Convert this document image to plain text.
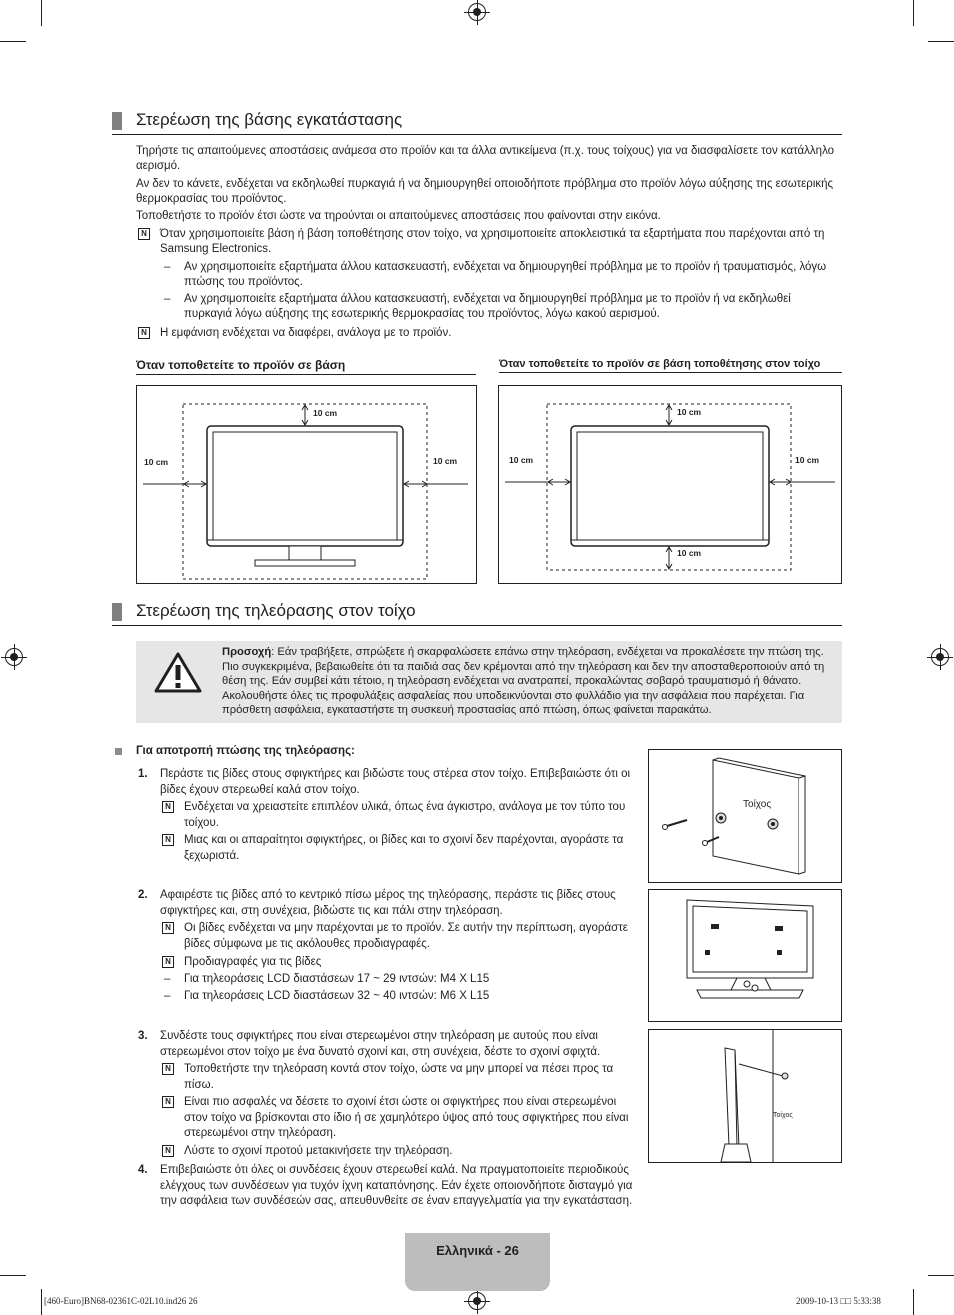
Στερέωση της βάσης εγκατάστασης
Τηρήστε τις απαιτούμενες αποστάσεις ανάμεσα στο προϊόν και τα άλλα αντικείμενα (π.χ. τους τοίχους) για να διασφαλίσετε τον κατάλληλο αερισμό.
Αν δεν το κάνετε, ενδέχεται να εκδηλωθεί πυρκαγιά ή να δημιουργηθεί οποιοδήποτε πρόβλημα στο προϊόν λόγω αύξησης της εσωτερικής θερμοκρασίας του προϊόντος.
Τοποθετήστε το προϊόν έτσι ώστε να τηρούνται οι απαιτούμενες αποστάσεις που φαίνονται στην εικόνα.
N Όταν χρησιμοποιείτε βάση ή βάση τοποθέτησης στον τοίχο, να χρησιμοποιείτε αποκλειστικά τα εξαρτήματα που παρέχονται από τη Samsung Electronics.
– Αν χρησιμοποιείτε εξαρτήματα άλλου κατασκευαστή, ενδέχεται να δημιουργηθεί πρόβλημα με το προϊόν ή τραυματισμός, λόγω πτώσης του προϊόντος.
– Αν χρησιμοποιείτε εξαρτήματα άλλου κατασκευαστή, ενδέχεται να δημιουργηθεί πρόβλημα με το προϊόν ή να εκδηλωθεί πυρκαγιά λόγω αύξησης της εσωτερικής θερμοκρασίας του προϊόντος, λόγω κακού αερισμού.
N Η εμφάνιση ενδέχεται να διαφέρει, ανάλογα με το προϊόν.
Όταν τοποθετείτε το προϊόν σε βάση	Όταν τοποθετείτε το προϊόν σε βάση τοποθέτησης στον τοίχο
10 cm
10 cm	10 cm
10 cm
10 cm	10 cm
10 cm
Στερέωση της τηλεόρασης στον τοίχο
Προσοχή: Εάν τραβήξετε, σπρώξετε ή σκαρφαλώσετε επάνω στην τηλεόραση, ενδέχεται να προκαλέσετε την πτώση της. Πιο συγκεκριμένα, βεβαιωθείτε ότι τα παιδιά σας δεν κρέμονται από την τηλεόραση και δεν την αποσταθεροποιούν από τη θέση της. Εάν συμβεί κάτι τέτοιο, η τηλεόραση ενδέχεται να ανατραπεί, προκαλώντας σοβαρό τραυματισμό ή θάνατο. Ακολουθήστε όλες τις προφυλάξεις ασφαλείας που υποδεικνύονται στο φυλλάδιο για την ασφάλεια που παρέχεται. Για πρόσθετη ασφάλεια, εγκαταστήστε τη συσκευή προστασίας από πτώση, όπως φαίνεται παρακάτω.
Για αποτροπή πτώσης της τηλεόρασης:
1. Περάστε τις βίδες στους σφιγκτήρες και βιδώστε τους στέρεα στον τοίχο. Επιβεβαιώστε ότι οι βίδες έχουν στερεωθεί καλά στον τοίχο.
N Ενδέχεται να χρειαστείτε επιπλέον υλικά, όπως ένα άγκιστρο, ανάλογα με τον τύπο του τοίχου.
N Μιας και οι απαραίτητοι σφιγκτήρες, οι βίδες και το σχοινί δεν παρέχονται, αγοράστε τα ξεχωριστά.
2. Αφαιρέστε τις βίδες από το κεντρικό πίσω μέρος της τηλεόρασης, περάστε τις βίδες στους σφιγκτήρες και, στη συνέχεια, βιδώστε τις και πάλι στην τηλεόραση.
N Οι βίδες ενδέχεται να μην παρέχονται με το προϊόν. Σε αυτήν την περίπτωση, αγοράστε βίδες σύμφωνα με τις ακόλουθες προδιαγραφές.
N Προδιαγραφές για τις βίδες
– Για τηλεοράσεις LCD διαστάσεων 17 ~ 29 ιντσών: M4 X L15
– Για τηλεοράσεις LCD διαστάσεων 32 ~ 40 ιντσών: M6 X L15
3. Συνδέστε τους σφιγκτήρες που είναι στερεωμένοι στην τηλεόραση με αυτούς που είναι στερεωμένοι στον τοίχο με ένα δυνατό σχοινί και, στη συνέχεια, δέστε το σχοινί σφιχτά.
N Τοποθετήστε την τηλεόραση κοντά στον τοίχο, ώστε να μην μπορεί να πέσει προς τα πίσω.
N Είναι πιο ασφαλές να δέσετε το σχοινί έτσι ώστε οι σφιγκτήρες που είναι στερεωμένοι στον τοίχο να βρίσκονται στο ίδιο ή σε χαμηλότερο ύψος από τους σφιγκτήρες που είναι στερεωμένοι στην τηλεόραση.
N Λύστε το σχοινί προτού μετακινήσετε την τηλεόραση.
4. Επιβεβαιώστε ότι όλες οι συνδέσεις έχουν στερεωθεί καλά. Να πραγματοποιείτε περιοδικούς ελέγχους των συνδέσεων για τυχόν ίχνη καταπόνησης. Εάν έχετε οποιονδήποτε δισταγμό για την ασφάλεια των συνδέσεών σας, απευθυνθείτε σε έναν επαγγελματία για την εγκατάσταση.
Τοίχος
Τοίχος
Ελληνικά - 26
[460-Euro]BN68-02361C-02L10.ind26 26	2009-10-13 □□ 5:33:38
